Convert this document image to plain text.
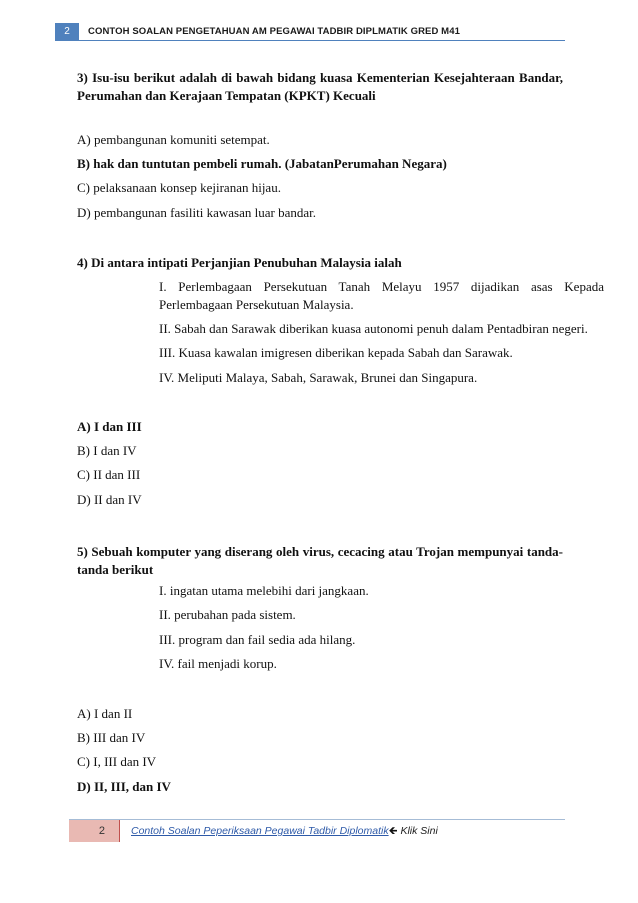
2	CONTOH SOALAN PENGETAHUAN AM PEGAWAI TADBIR DIPLMATIK GRED M41

3) Isu-isu berikut adalah di bawah bidang kuasa Kementerian Kesejahteraan Bandar, Perumahan dan Kerajaan Tempatan (KPKT) Kecuali

A) pembangunan komuniti setempat.

B) hak dan tuntutan pembeli rumah. (JabatanPerumahan Negara)

C) pelaksanaan konsep kejiranan hijau.

D) pembangunan fasiliti kawasan luar bandar.

4) Di antara intipati Perjanjian Penubuhan Malaysia ialah

I. Perlembagaan Persekutuan Tanah Melayu 1957 dijadikan asas Kepada Perlembagaan Persekutuan Malaysia.

II. Sabah dan Sarawak diberikan kuasa autonomi penuh dalam Pentadbiran negeri.

III. Kuasa kawalan imigresen diberikan kepada Sabah dan Sarawak.

IV. Meliputi Malaya, Sabah, Sarawak, Brunei dan Singapura.

A) I dan III

B) I dan IV

C) II dan III

D) II dan IV

5) Sebuah komputer yang diserang oleh virus, cecacing atau Trojan mempunyai tanda-tanda berikut

I. ingatan utama melebihi dari jangkaan.

II. perubahan pada sistem.

III. program dan fail sedia ada hilang.

IV. fail menjadi korup.

A) I dan II

B) III dan IV

C) I, III dan IV

D) II, III, dan IV

2 Contoh Soalan Peperiksaan Pegawai Tadbir Diplomatik🡸 Klik Sini
